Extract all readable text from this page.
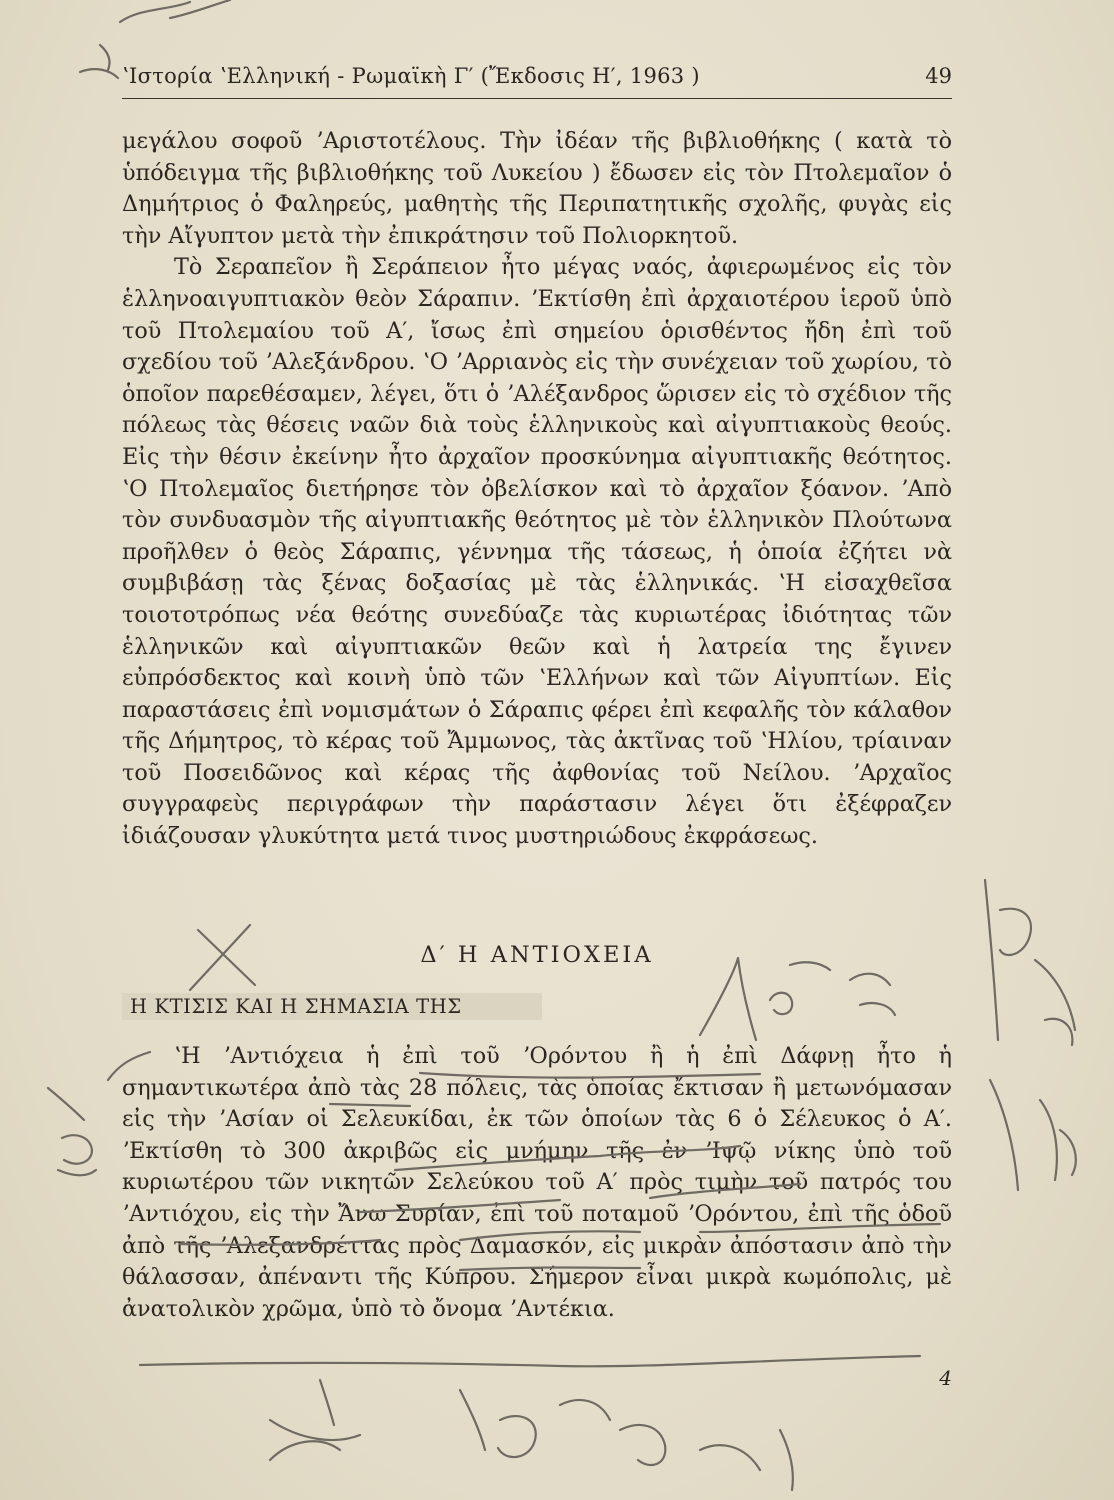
ʽΙστορία ʽΕλληνική - Ρωμαϊκὴ Γ′ (Ἔκδοσις Η′, 1963 )	49

μεγάλου σοφοῦ ʼΑριστοτέλους. Τὴν ἰδέαν τῆς βιβλιοθήκης ( κατὰ τὸ ὑπόδειγμα τῆς βιβλιοθήκης τοῦ Λυκείου ) ἔδωσεν εἰς τὸν Πτολεμαῖον ὁ Δημήτριος ὁ Φαληρεύς, μαθητὴς τῆς Περιπατητικῆς σχολῆς, φυγὰς εἰς τὴν Αἴγυπτον μετὰ τὴν ἐπικράτησιν τοῦ Πολιορκητοῦ.

Τὸ Σεραπεῖον ἢ Σεράπειον ἦτο μέγας ναός, ἀφιερωμένος εἰς τὸν ἑλληνοαιγυπτιακὸν θεὸν Σάραπιν. ʼΕκτίσθη ἐπὶ ἀρχαιοτέρου ἱεροῦ ὑπὸ τοῦ Πτολεμαίου τοῦ Α′, ἴσως ἐπὶ σημείου ὁρισθέντος ἤδη ἐπὶ τοῦ σχεδίου τοῦ ʼΑλεξάνδρου. ʽΟ ʼΑρριανὸς εἰς τὴν συνέχειαν τοῦ χωρίου, τὸ ὁποῖον παρεθέσαμεν, λέγει, ὅτι ὁ ʼΑλέξανδρος ὥρισεν εἰς τὸ σχέδιον τῆς πόλεως τὰς θέσεις ναῶν διὰ τοὺς ἑλληνικοὺς καὶ αἰγυπτιακοὺς θεούς. Εἰς τὴν θέσιν ἐκείνην ἦτο ἀρχαῖον προσκύνημα αἰγυπτιακῆς θεότητος. ʽΟ Πτολεμαῖος διετήρησε τὸν ὀβελίσκον καὶ τὸ ἀρχαῖον ξόανον. ʼΑπὸ τὸν συνδυασμὸν τῆς αἰγυπτιακῆς θεότητος μὲ τὸν ἑλληνικὸν Πλούτωνα προῆλθεν ὁ θεὸς Σάραπις, γέννημα τῆς τάσεως, ἡ ὁποία ἐζήτει νὰ συμβιβάσῃ τὰς ξένας δοξασίας μὲ τὰς ἑλληνικάς. ʽΗ εἰσαχθεῖσα τοιοτοτρόπως νέα θεότης συνεδύαζε τὰς κυριωτέρας ἰδιότητας τῶν ἑλληνικῶν καὶ αἰγυπτιακῶν θεῶν καὶ ἡ λατρεία της ἔγινεν εὐπρόσδεκτος καὶ κοινὴ ὑπὸ τῶν ʽΕλλήνων καὶ τῶν Αἰγυπτίων. Εἰς παραστάσεις ἐπὶ νομισμάτων ὁ Σάραπις φέρει ἐπὶ κεφαλῆς τὸν κάλαθον τῆς Δήμητρος, τὸ κέρας τοῦ Ἄμμωνος, τὰς ἀκτῖνας τοῦ ʽΗλίου, τρίαιναν τοῦ Ποσειδῶνος καὶ κέρας τῆς ἀφθονίας τοῦ Νείλου. ʼΑρχαῖος συγγραφεὺς περιγράφων τὴν παράστασιν λέγει ὅτι ἐξέφραζεν ἰδιάζουσαν γλυκύτητα μετά τινος μυστηριώδους ἐκφράσεως.

Δ′ Η ΑΝΤΙΟΧΕΙΑ
Η ΚΤΙΣΙΣ ΚΑΙ Η ΣΗΜΑΣΙΑ ΤΗΣ

ʽΗ ʼΑντιόχεια ἡ ἐπὶ τοῦ ʼΟρόντου ἢ ἡ ἐπὶ Δάφνῃ ἦτο ἡ σημαντικωτέρα ἀπὸ τὰς 28 πόλεις, τὰς ὁποίας ἔκτισαν ἢ μετωνόμασαν εἰς τὴν ʼΑσίαν οἱ Σελευκίδαι, ἐκ τῶν ὁποίων τὰς 6 ὁ Σέλευκος ὁ Α′. ʼΕκτίσθη τὸ 300 ἀκριβῶς εἰς μνήμην τῆς ἐν ʼΙψῷ νίκης ὑπὸ τοῦ κυριωτέρου τῶν νικητῶν Σελεύκου τοῦ Α′ πρὸς τιμὴν τοῦ πατρός του ʼΑντιόχου, εἰς τὴν Ἄνω Συρίαν, ἐπὶ τοῦ ποταμοῦ ʼΟρόντου, ἐπὶ τῆς ὁδοῦ ἀπὸ τῆς ʼΑλεξανδρέττας πρὸς Δαμασκόν, εἰς μικρὰν ἀπόστασιν ἀπὸ τὴν θάλασσαν, ἀπέναντι τῆς Κύπρου. Σήμερον εἶναι μικρὰ κωμόπολις, μὲ ἀνατολικὸν χρῶμα, ὑπὸ τὸ ὄνομα ʼΑντέκια.

4
